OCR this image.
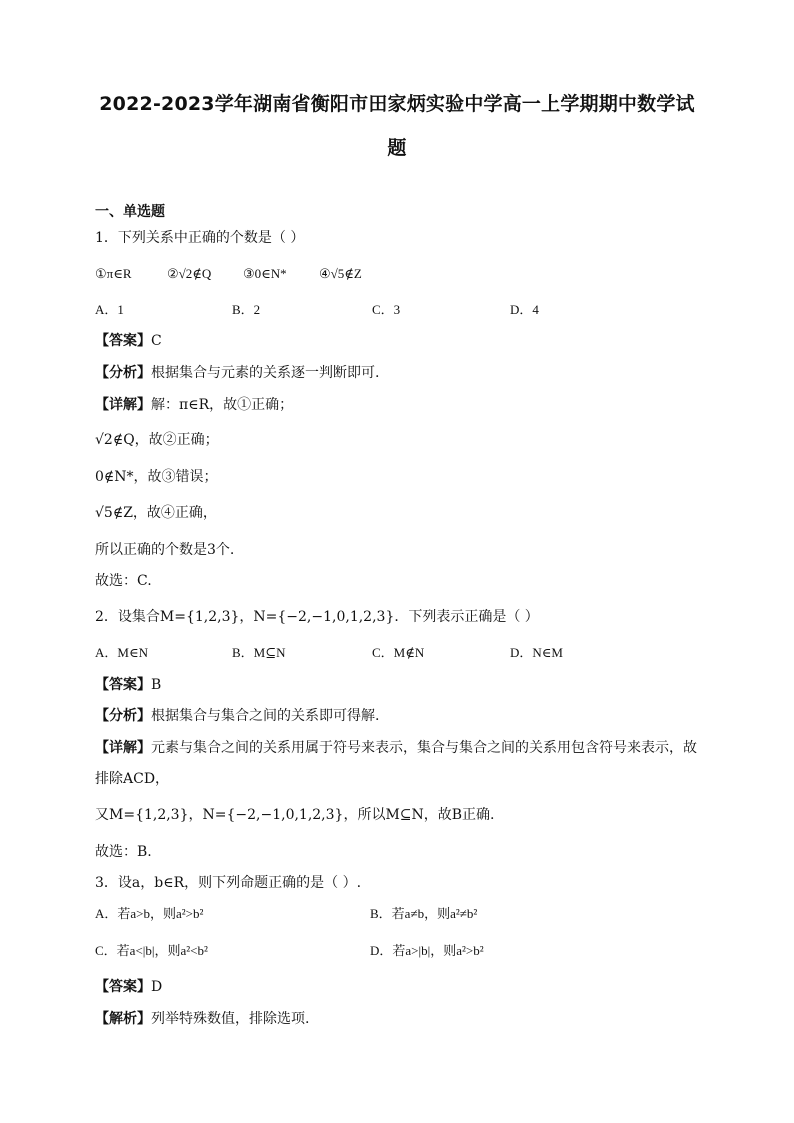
2022-2023学年湖南省衡阳市田家炳实验中学高一上学期期中数学试
题
一、单选题
1．下列关系中正确的个数是（ ）
①π∈R	②√2∉Q ③0∈N* ④√5∉Z
A．1	B．2	C．3	D．4
【答案】C
【分析】根据集合与元素的关系逐一判断即可.
【详解】解：π∈R，故①正确；
√2∉Q，故②正确；
0∉N*，故③错误；
√5∉Z，故④正确，
所以正确的个数是3个.
故选：C.
2．设集合M={1,2,3}，N={−2,−1,0,1,2,3}．下列表示正确是（ ）
A．M∈N	B．M⊆N	C．M∉N	D．N∈M
【答案】B
【分析】根据集合与集合之间的关系即可得解.
【详解】元素与集合之间的关系用属于符号来表示，集合与集合之间的关系用包含符号来表示，故
排除ACD，
又M={1,2,3}，N={−2,−1,0,1,2,3}，所以M⊆N，故B正确.
故选：B.
3．设a，b∈R，则下列命题正确的是（ ）.
A．若a>b，则a²>b²	B．若a≠b，则a²≠b²
C．若a<|b|，则a²<b²	D．若a>|b|，则a²>b²
【答案】D
【解析】列举特殊数值，排除选项.
